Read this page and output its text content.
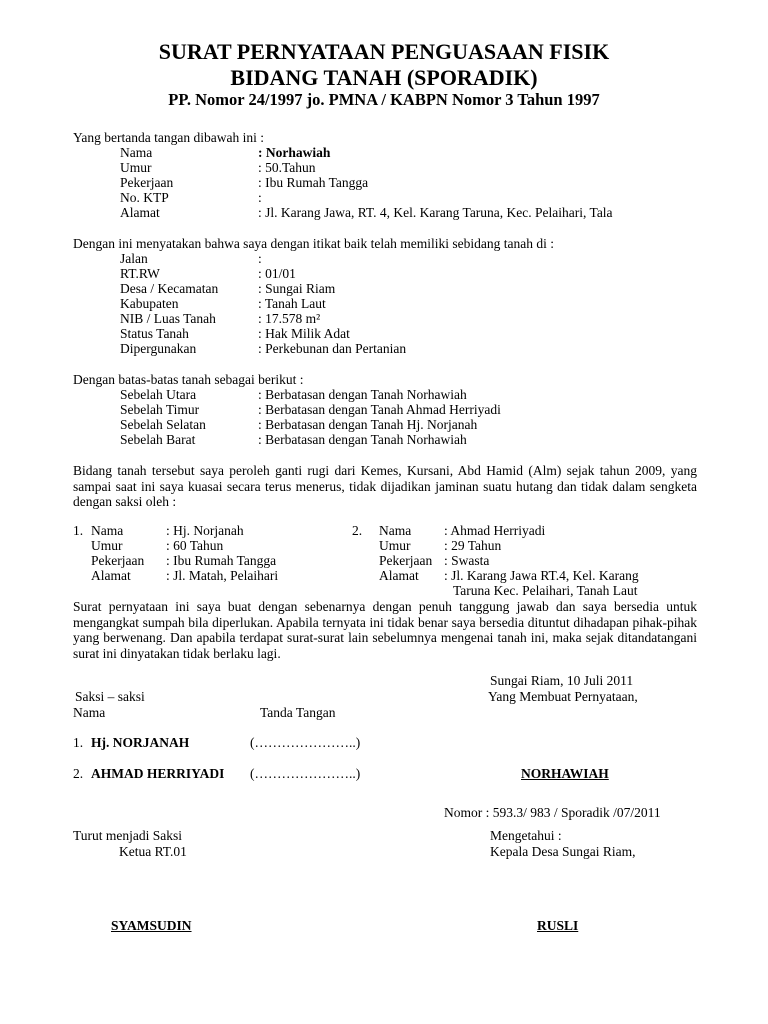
SURAT PERNYATAAN PENGUASAAN FISIK
BIDANG TANAH (SPORADIK)
PP. Nomor 24/1997 jo. PMNA / KABPN Nomor 3 Tahun 1997
Yang bertanda tangan dibawah ini :
Nama	: Norhawiah
Umur	: 50.Tahun
Pekerjaan	: Ibu Rumah Tangga
No. KTP	:
Alamat	: Jl. Karang Jawa, RT. 4, Kel. Karang Taruna, Kec. Pelaihari, Tala
Dengan ini menyatakan bahwa saya dengan itikat baik telah memiliki sebidang tanah di :
Jalan	:
RT.RW	: 01/01
Desa / Kecamatan	: Sungai Riam
Kabupaten	: Tanah Laut
NIB / Luas Tanah	: 17.578 m²
Status Tanah	: Hak Milik Adat
Dipergunakan	: Perkebunan dan Pertanian
Dengan batas-batas tanah sebagai berikut :
Sebelah Utara	: Berbatasan dengan Tanah Norhawiah
Sebelah Timur	: Berbatasan dengan Tanah Ahmad Herriyadi
Sebelah Selatan	: Berbatasan dengan Tanah Hj. Norjanah
Sebelah Barat	: Berbatasan dengan Tanah Norhawiah
Bidang tanah tersebut saya peroleh ganti rugi dari Kemes, Kursani, Abd Hamid (Alm) sejak tahun 2009, yang sampai saat ini saya kuasai secara terus menerus, tidak dijadikan jaminan suatu hutang dan tidak dalam sengketa dengan saksi oleh :
1. Nama	: Hj. Norjanah
Umur	: 60 Tahun
Pekerjaan : Ibu Rumah Tangga
Alamat	: Jl. Matah, Pelaihari
2. Nama : Ahmad Herriyadi
Umur : 29 Tahun
Pekerjaan : Swasta
Alamat : Jl. Karang Jawa RT.4, Kel. Karang
Taruna Kec. Pelaihari, Tanah Laut
Surat pernyataan ini saya buat dengan sebenarnya dengan penuh tanggung jawab dan saya bersedia untuk mengangkat sumpah bila diperlukan. Apabila ternyata ini tidak benar saya bersedia dituntut dihadapan pihak-pihak yang berwenang. Dan apabila terdapat surat-surat lain sebelumnya mengenai tanah ini, maka sejak ditandatangani surat ini dinyatakan tidak berlaku lagi.
Sungai Riam, 10 Juli 2011
Saksi – saksi	Yang Membuat Pernyataan,
Nama	Tanda Tangan
1. Hj. NORJANAH	(…………………..)
2. AHMAD HERRIYADI (…………………..)	NORHAWIAH
Nomor : 593.3/ 983 / Sporadik /07/2011
Turut menjadi Saksi
Ketua RT.01
Mengetahui :
Kepala Desa Sungai Riam,
SYAMSUDIN	RUSLI
